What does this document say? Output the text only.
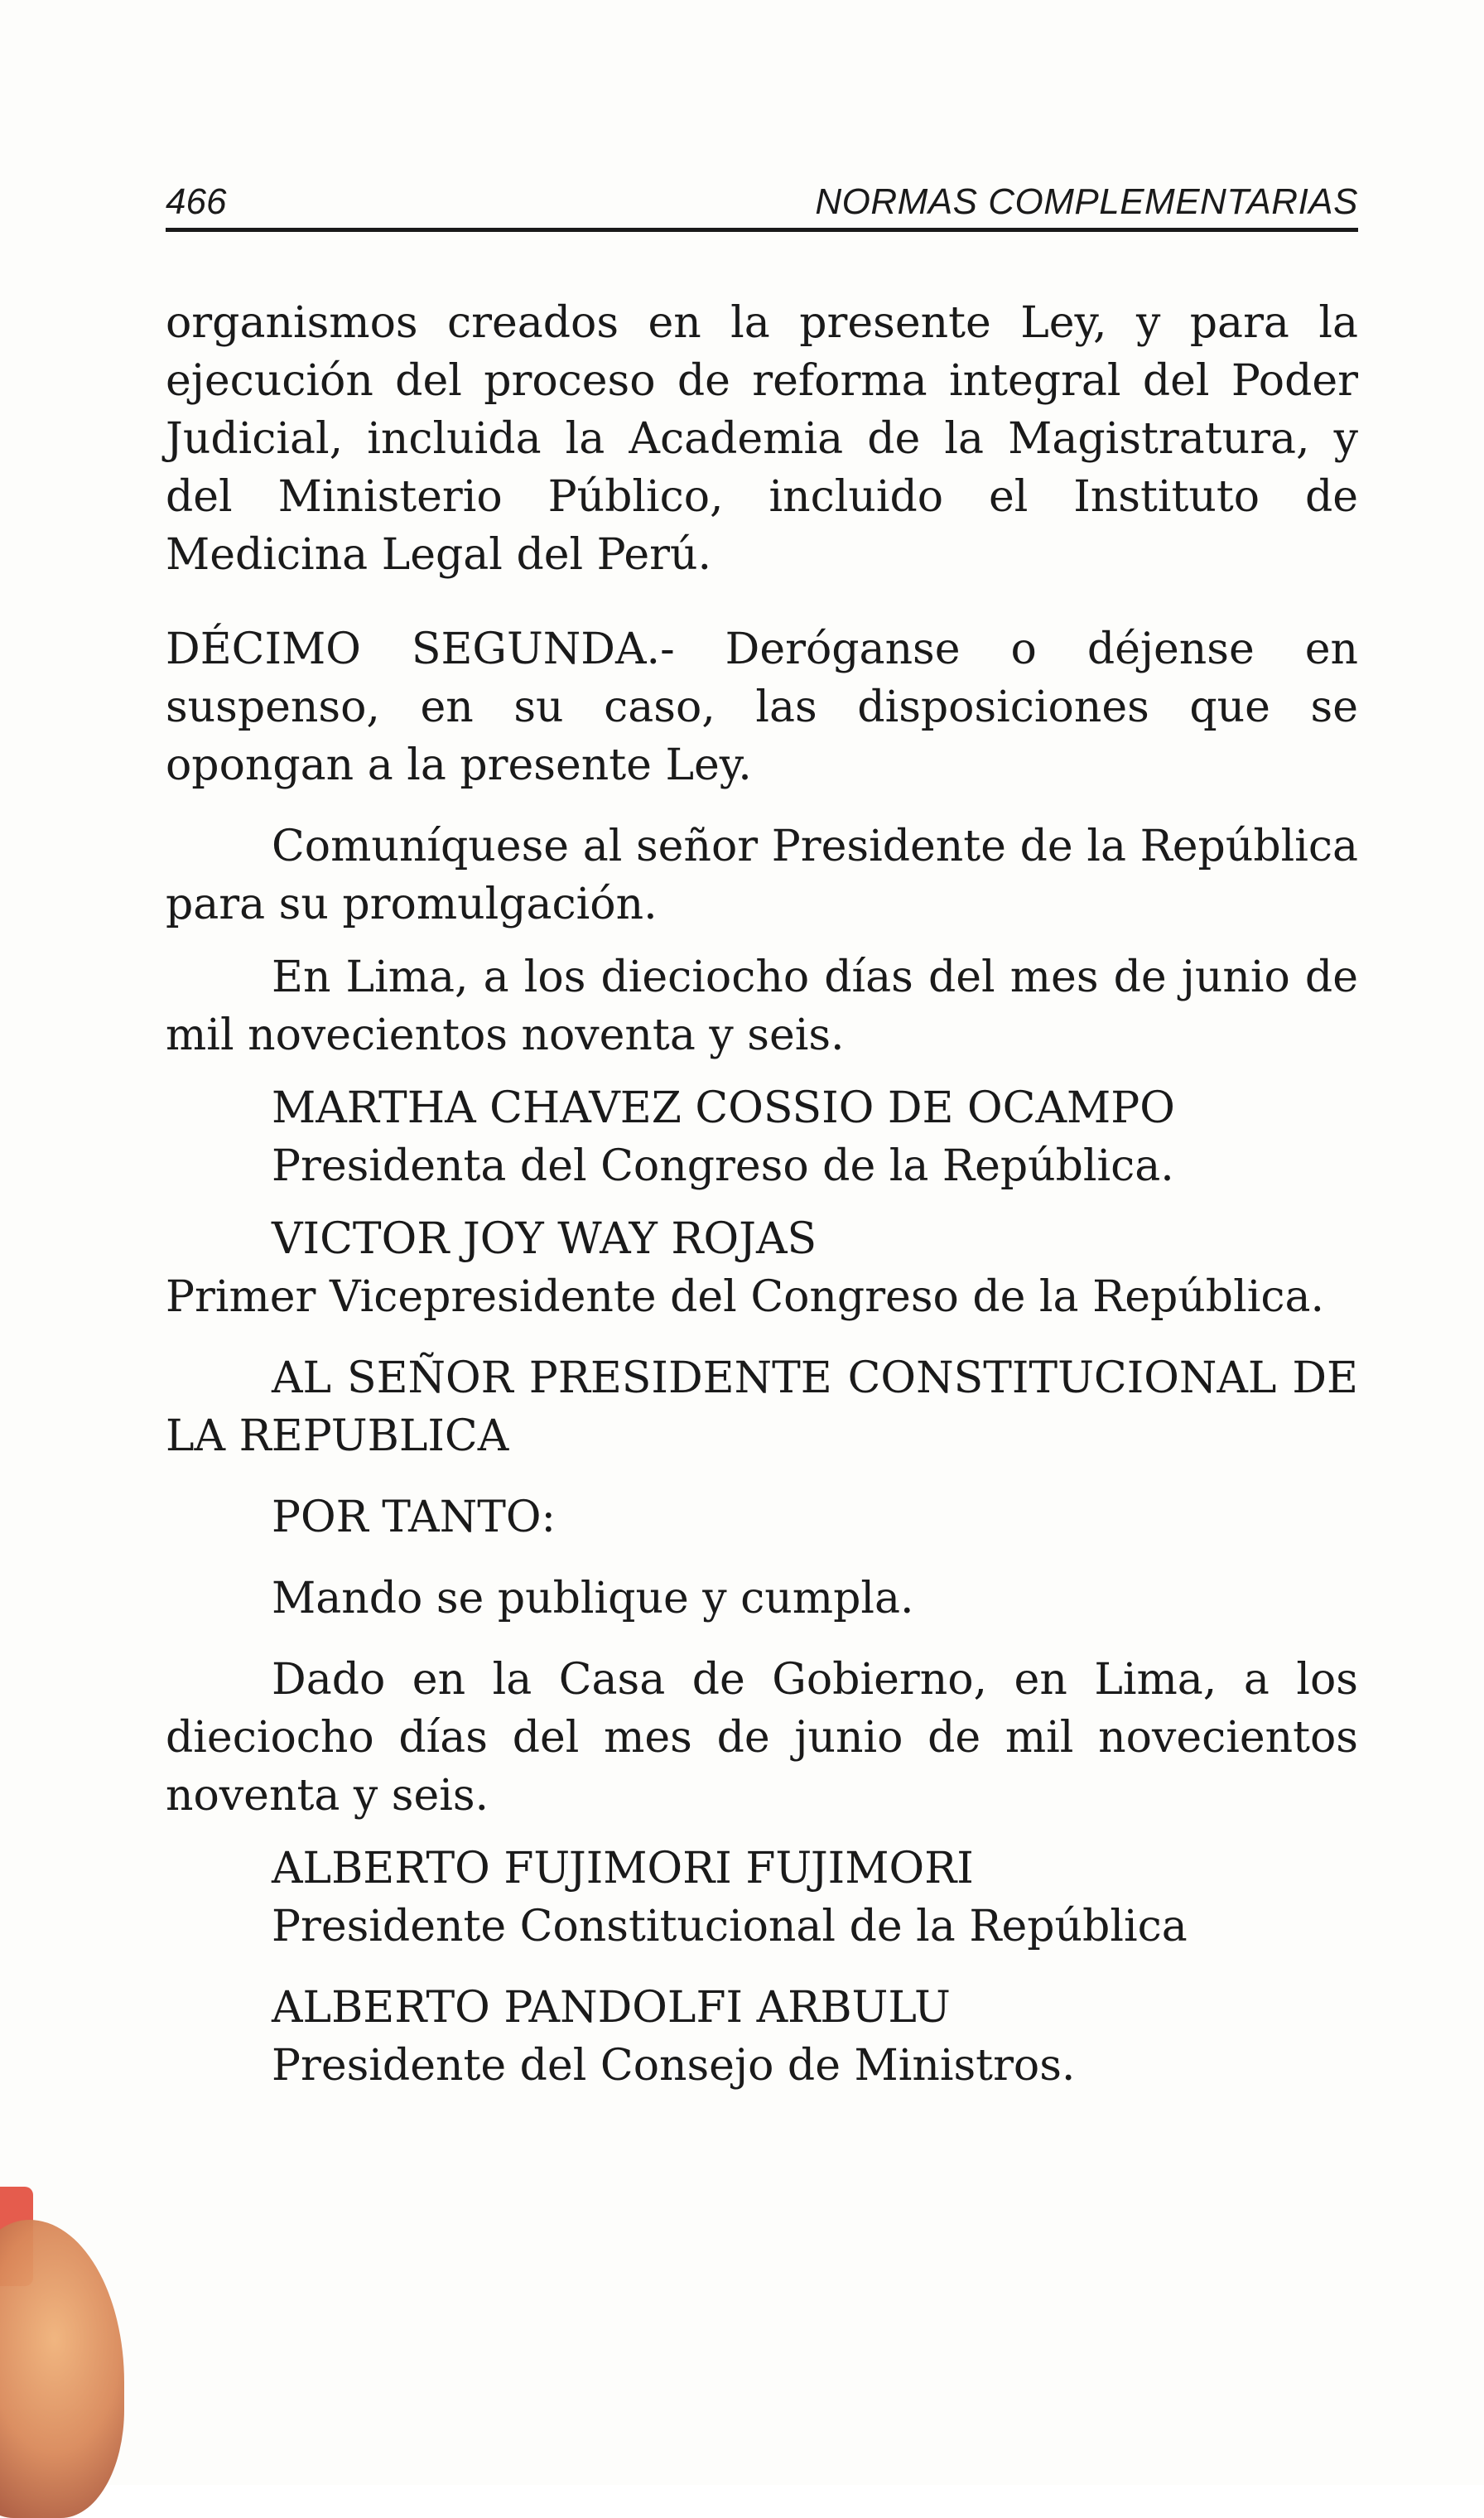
466	NORMAS COMPLEMENTARIAS

organismos creados en la presente Ley, y para la ejecución del proceso de reforma integral del Poder Judicial, incluida la Academia de la Magistratura, y del Ministerio Público, incluido el Instituto de Medicina Legal del Perú.

DÉCIMO SEGUNDA.- Deróganse o déjense en suspenso, en su caso, las disposiciones que se opongan a la presente Ley.

Comuníquese al señor Presidente de la República para su promulgación.

En Lima, a los dieciocho días del mes de junio de mil novecientos noventa y seis.

MARTHA CHAVEZ COSSIO DE OCAMPO
Presidenta del Congreso de la República.

VICTOR JOY WAY ROJAS
Primer Vicepresidente del Congreso de la República.

AL SEÑOR PRESIDENTE CONSTITUCIONAL DE LA REPUBLICA

POR TANTO:

Mando se publique y cumpla.

Dado en la Casa de Gobierno, en Lima, a los dieciocho días del mes de junio de mil novecientos noventa y seis.

ALBERTO FUJIMORI FUJIMORI
Presidente Constitucional de la República
ALBERTO PANDOLFI ARBULU
Presidente del Consejo de Ministros.
